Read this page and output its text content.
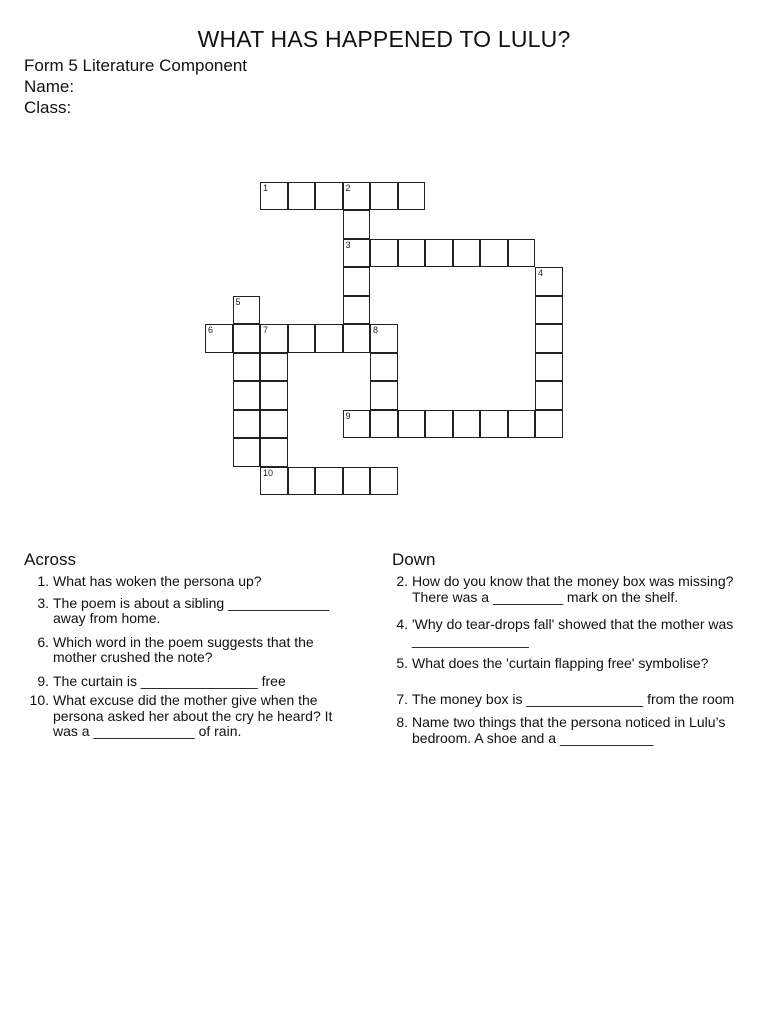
WHAT HAS HAPPENED TO LULU?
Form 5 Literature Component
Name:
Class:
1	2
3
4
5
6	7	8
9
10
Across
1. What has woken the persona up?
3. The poem is about a sibling _____________ away from home.
6. Which word in the poem suggests that the mother crushed the note?
9. The curtain is _______________ free
10. What excuse did the mother give when the persona asked her about the cry he heard? It was a _____________ of rain.
Down
2. How do you know that the money box was missing? There was a _________ mark on the shelf.
4. 'Why do tear-drops fall' showed that the mother was _______________
5. What does the 'curtain flapping free' symbolise?
7. The money box is _______________ from the room
8. Name two things that the persona noticed in Lulu’s bedroom. A shoe and a ____________
